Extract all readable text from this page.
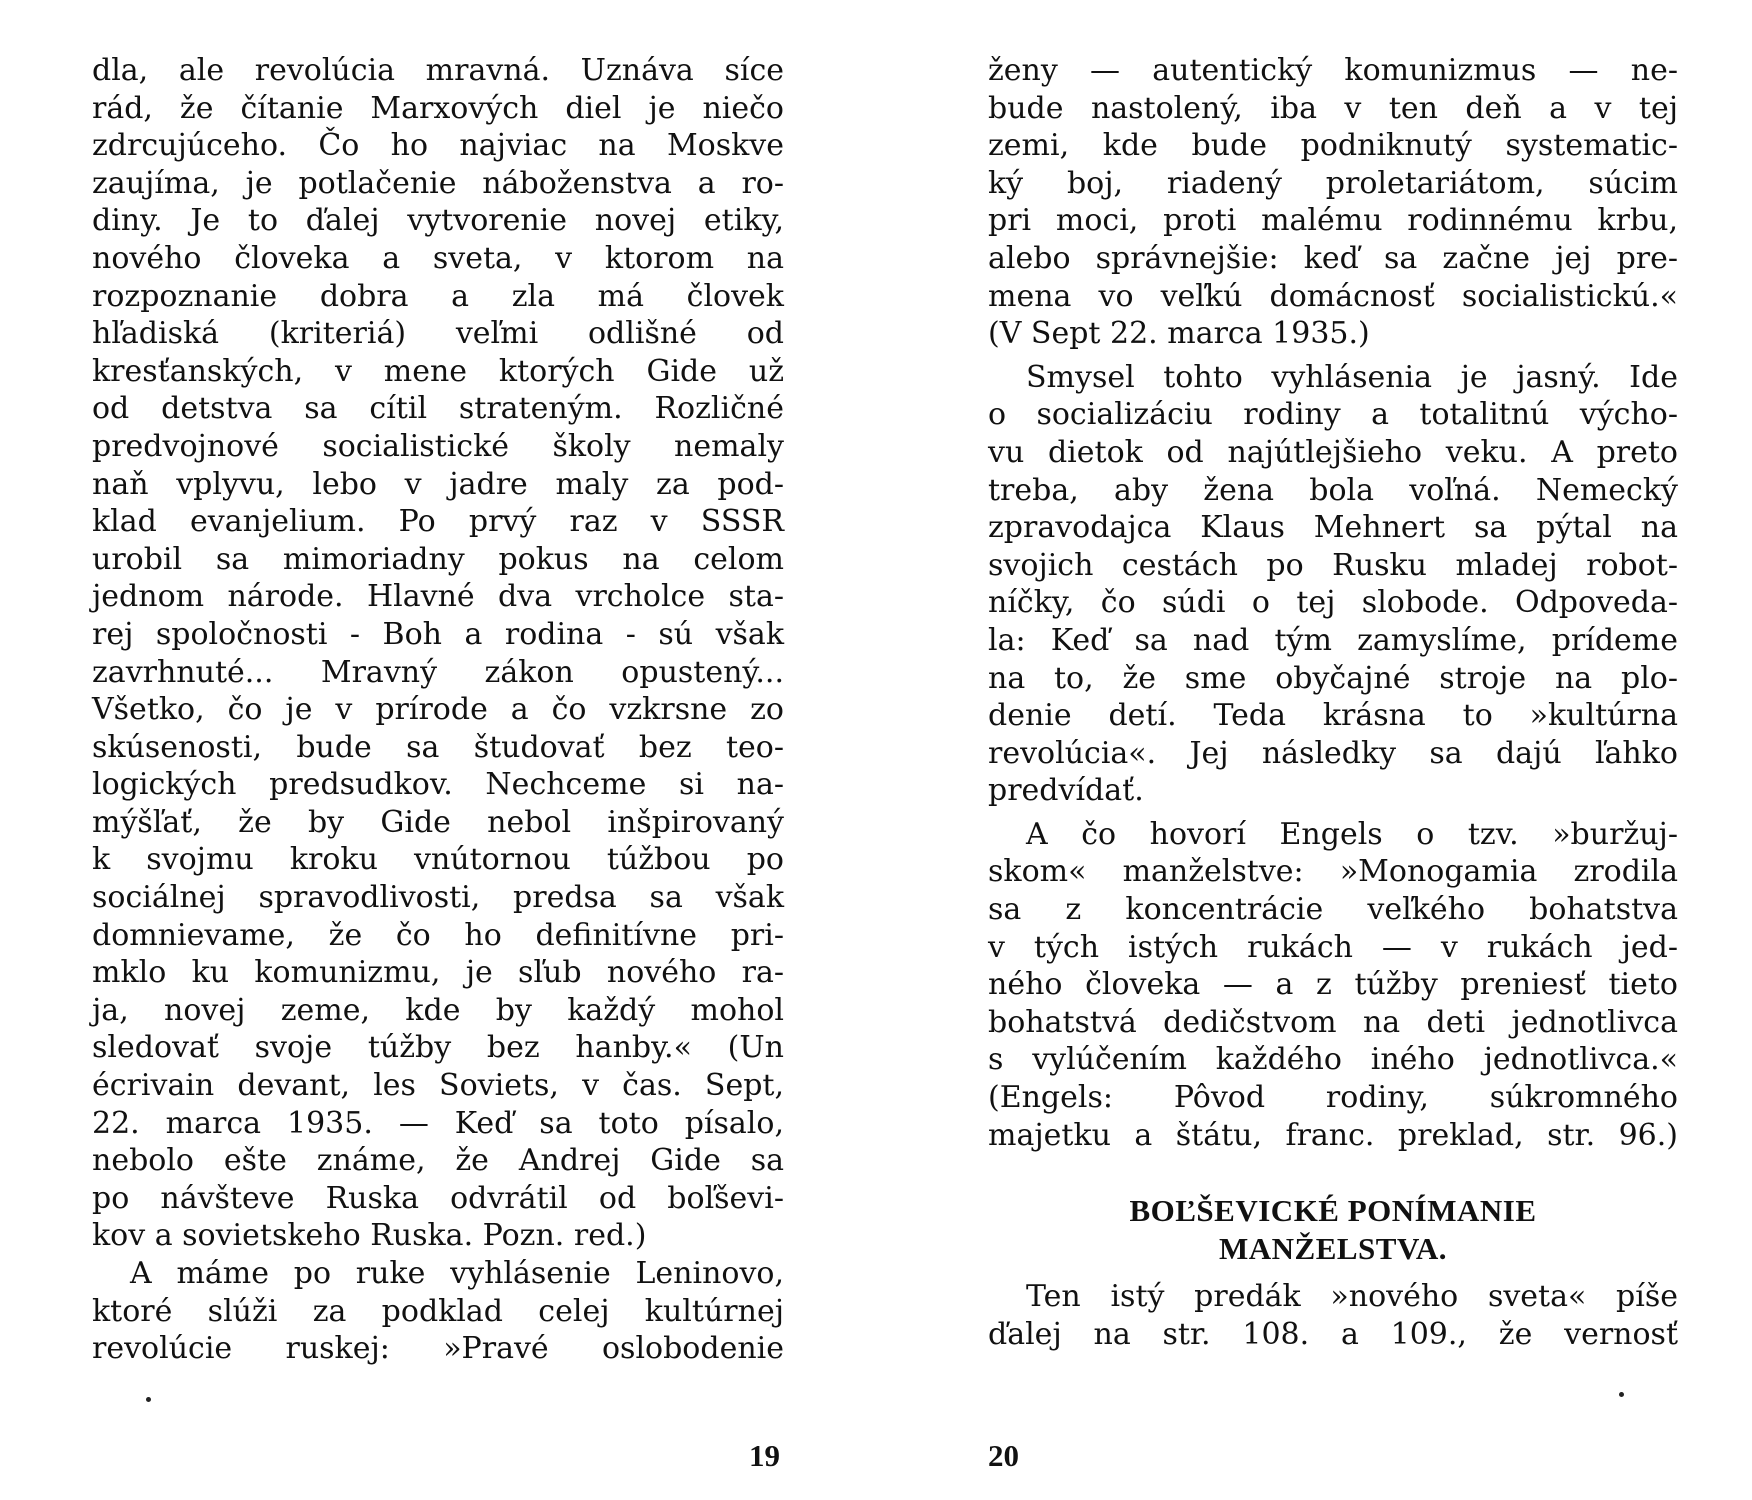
dla, ale revolúcia mravná. Uznáva síce
rád, že čítanie Marxových diel je niečo
zdrcujúceho. Čo ho najviac na Moskve
zaujíma, je potlačenie náboženstva a ro-
diny. Je to ďalej vytvorenie novej etiky,
nového človeka a sveta, v ktorom na
rozpoznanie dobra a zla má človek
hľadiská (kriteriá) veľmi odlišné od
kresťanských, v mene ktorých Gide už
od detstva sa cítil strateným. Rozličné
predvojnové socialistické školy nemaly
naň vplyvu, lebo v jadre maly za pod-
klad evanjelium. Po prvý raz v SSSR
urobil sa mimoriadny pokus na celom
jednom národe. Hlavné dva vrcholce sta-
rej spoločnosti - Boh a rodina - sú však
zavrhnuté... Mravný zákon opustený...
Všetko, čo je v prírode a čo vzkrsne zo
skúsenosti, bude sa študovať bez teo-
logických predsudkov. Nechceme si na-
mýšľať, že by Gide nebol inšpirovaný
k svojmu kroku vnútornou túžbou po
sociálnej spravodlivosti, predsa sa však
domnievame, že čo ho definitívne pri-
mklo ku komunizmu, je sľub nového ra-
ja, novej zeme, kde by každý mohol
sledovať svoje túžby bez hanby.« (Un
écrivain devant, les Soviets, v čas. Sept,
22. marca 1935. — Keď sa toto písalo,
nebolo ešte známe, že Andrej Gide sa
po návšteve Ruska odvrátil od boľševi-
kov a sovietskeho Ruska. Pozn. red.)
A máme po ruke vyhlásenie Leninovo,
ktoré slúži za podklad celej kultúrnej
revolúcie ruskej: »Pravé oslobodenie
19
ženy — autentický komunizmus — ne-
bude nastolený, iba v ten deň a v tej
zemi, kde bude podniknutý systematic-
ký boj, riadený proletariátom, súcim
pri moci, proti malému rodinnému krbu,
alebo správnejšie: keď sa začne jej pre-
mena vo veľkú domácnosť socialistickú.«
(V Sept 22. marca 1935.)
Smysel tohto vyhlásenia je jasný. Ide
o socializáciu rodiny a totalitnú výcho-
vu dietok od najútlejšieho veku. A preto
treba, aby žena bola voľná. Nemecký
zpravodajca Klaus Mehnert sa pýtal na
svojich cestách po Rusku mladej robot-
níčky, čo súdi o tej slobode. Odpoveda-
la: Keď sa nad tým zamyslíme, prídeme
na to, že sme obyčajné stroje na plo-
denie detí. Teda krásna to »kultúrna
revolúcia«. Jej následky sa dajú ľahko
predvídať.
A čo hovorí Engels o tzv. »buržuj-
skom« manželstve: »Monogamia zrodila
sa z koncentrácie veľkého bohatstva
v tých istých rukách — v rukách jed-
ného človeka — a z túžby preniesť tieto
bohatstvá dedičstvom na deti jednotlivca
s vylúčením každého iného jednotlivca.«
(Engels: Pôvod rodiny, súkromného
majetku a štátu, franc. preklad, str. 96.)

BOĽŠEVICKÉ PONÍMANIE

MANŽELSTVA.

Ten istý predák »nového sveta« píše
ďalej na str. 108. a 109., že vernosť
20
